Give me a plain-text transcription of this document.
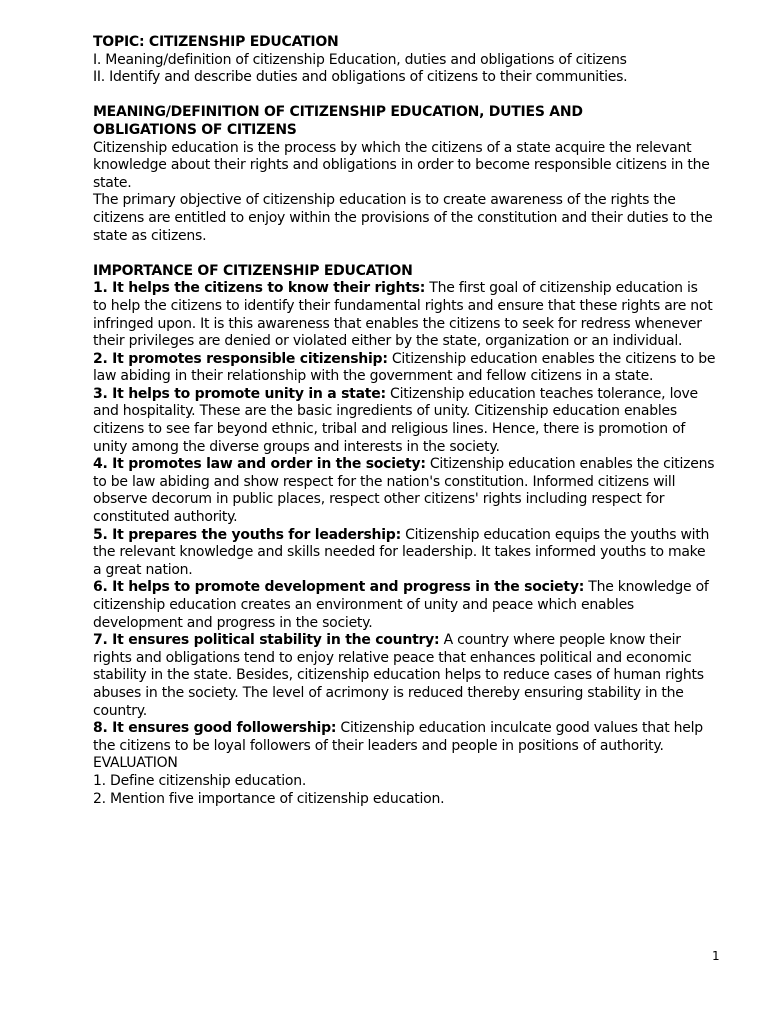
TOPIC: CITIZENSHIP EDUCATION
I. Meaning/definition of citizenship Education, duties and obligations of citizens
II. Identify and describe duties and obligations of citizens to their communities.
MEANING/DEFINITION OF CITIZENSHIP EDUCATION, DUTIES AND
OBLIGATIONS OF CITIZENS
Citizenship education is the process by which the citizens of a state acquire the relevant
knowledge about their rights and obligations in order to become responsible citizens in the
state.
The primary objective of citizenship education is to create awareness of the rights the
citizens are entitled to enjoy within the provisions of the constitution and their duties to the
state as citizens.
IMPORTANCE OF CITIZENSHIP EDUCATION
1. It helps the citizens to know their rights: The first goal of citizenship education is
to help the citizens to identify their fundamental rights and ensure that these rights are not
infringed upon. It is this awareness that enables the citizens to seek for redress whenever
their privileges are denied or violated either by the state, organization or an individual.
2. It promotes responsible citizenship: Citizenship education enables the citizens to be
law abiding in their relationship with the government and fellow citizens in a state.
3. It helps to promote unity in a state: Citizenship education teaches tolerance, love
and hospitality. These are the basic ingredients of unity. Citizenship education enables
citizens to see far beyond ethnic, tribal and religious lines. Hence, there is promotion of
unity among the diverse groups and interests in the society.
4. It promotes law and order in the society: Citizenship education enables the citizens
to be law abiding and show respect for the nation's constitution. Informed citizens will
observe decorum in public places, respect other citizens' rights including respect for
constituted authority.
5. It prepares the youths for leadership: Citizenship education equips the youths with
the relevant knowledge and skills needed for leadership. It takes informed youths to make
a great nation.
6. It helps to promote development and progress in the society: The knowledge of
citizenship education creates an environment of unity and peace which enables
development and progress in the society.
7. It ensures political stability in the country: A country where people know their
rights and obligations tend to enjoy relative peace that enhances political and economic
stability in the state. Besides, citizenship education helps to reduce cases of human rights
abuses in the society. The level of acrimony is reduced thereby ensuring stability in the
country.
8. It ensures good followership: Citizenship education inculcate good values that help
the citizens to be loyal followers of their leaders and people in positions of authority.
EVALUATION
1. Define citizenship education.
2. Mention five importance of citizenship education.
1
